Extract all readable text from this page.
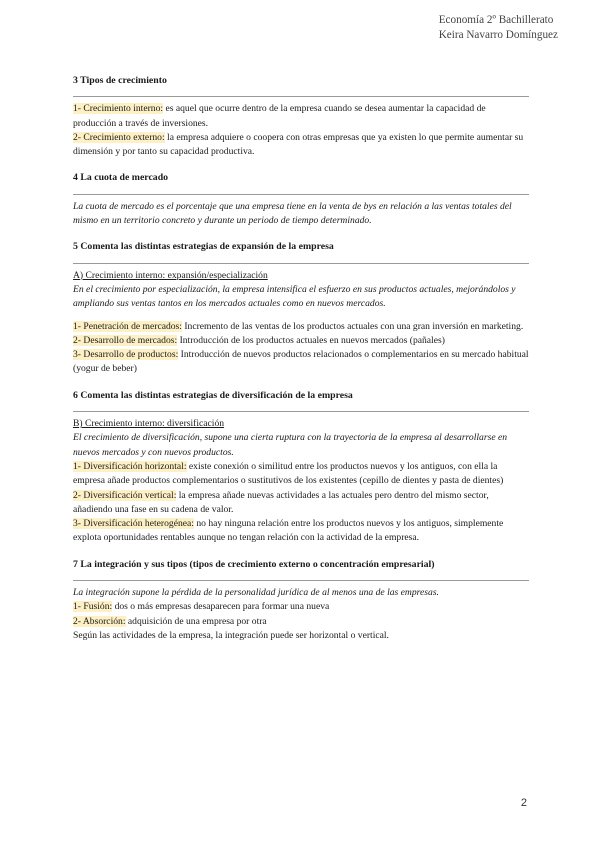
Economía 2º Bachillerato
Keira Navarro Domínguez

3 Tipos de crecimiento

1- Crecimiento interno: es aquel que ocurre dentro de la empresa cuando se desea aumentar la capacidad de producción a través de inversiones.

2- Crecimiento externo: la empresa adquiere o coopera con otras empresas que ya existen lo que permite aumentar su dimensión y por tanto su capacidad productiva.

4 La cuota de mercado

La cuota de mercado es el porcentaje que una empresa tiene en la venta de bys en relación a las ventas totales del mismo en un territorio concreto y durante un periodo de tiempo determinado.

5 Comenta las distintas estrategias de expansión de la empresa

A) Crecimiento interno: expansión/especialización

En el crecimiento por especialización, la empresa intensifica el esfuerzo en sus productos actuales, mejorándolos y ampliando sus ventas tantos en los mercados actuales como en nuevos mercados.

1- Penetración de mercados: Incremento de las ventas de los productos actuales con una gran inversión en marketing.

2- Desarrollo de mercados: Introducción de los productos actuales en nuevos mercados (pañales)

3- Desarrollo de productos: Introducción de nuevos productos relacionados o complementarios en su mercado habitual (yogur de beber)

6 Comenta las distintas estrategias de diversificación de la empresa

B) Crecimiento interno: diversificación

El crecimiento de diversificación, supone una cierta ruptura con la trayectoria de la empresa al desarrollarse en nuevos mercados y con nuevos productos.

1- Diversificación horizontal: existe conexión o similitud entre los productos nuevos y los antiguos, con ella la empresa añade productos complementarios o sustitutivos de los existentes (cepillo de dientes y pasta de dientes)

2- Diversificación vertical: la empresa añade nuevas actividades a las actuales pero dentro del mismo sector, añadiendo una fase en su cadena de valor.

3- Diversificación heterogénea: no hay ninguna relación entre los productos nuevos y los antiguos, simplemente explota oportunidades rentables aunque no tengan relación con la actividad de la empresa.

7 La integración y sus tipos (tipos de crecimiento externo o concentración empresarial)

La integración supone la pérdida de la personalidad jurídica de al menos una de las empresas.

1- Fusión: dos o más empresas desaparecen para formar una nueva

2- Absorción: adquisición de una empresa por otra

Según las actividades de la empresa, la integración puede ser horizontal o vertical.

2
